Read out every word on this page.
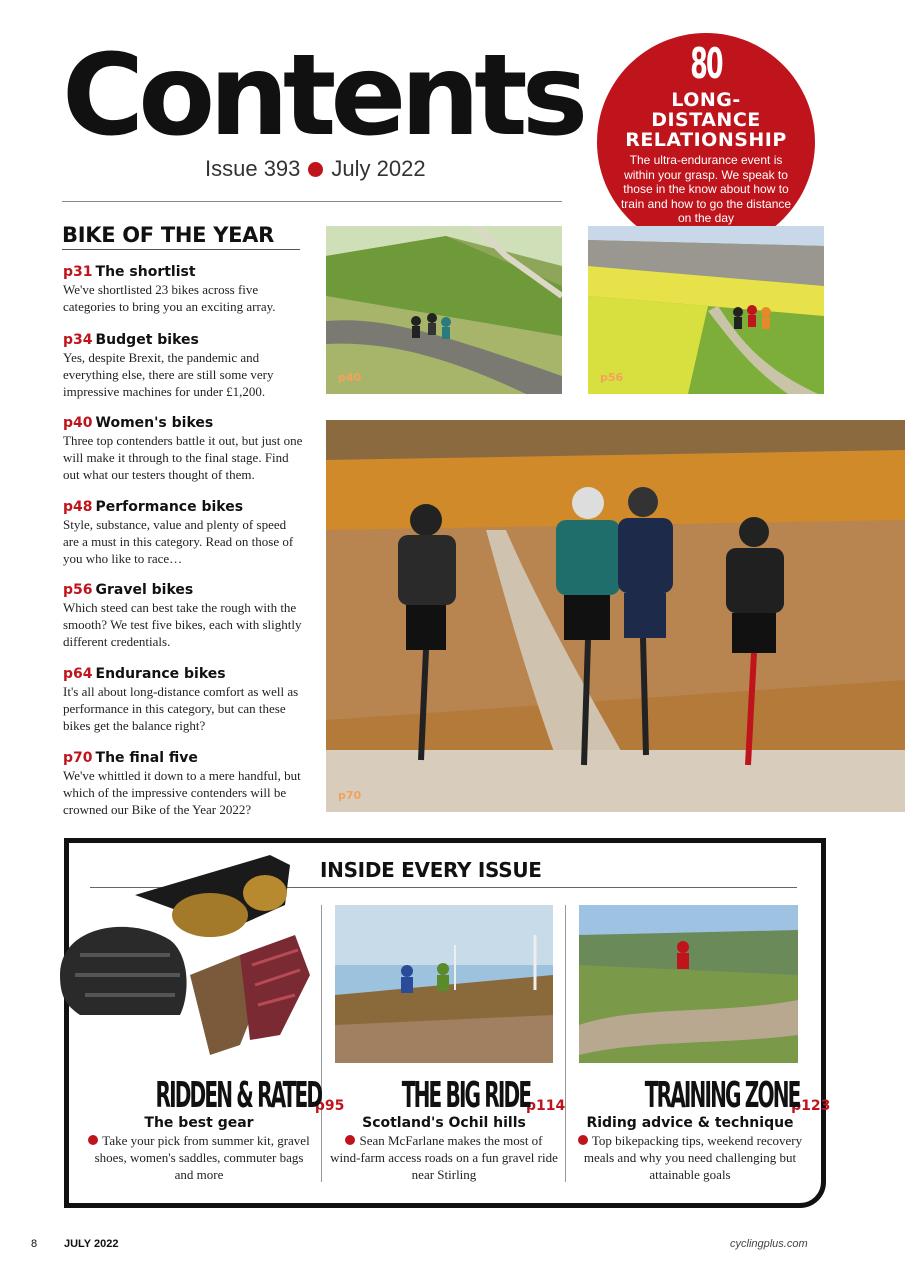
Contents
Issue 393 July 2022
80
LONG-
DISTANCE
RELATIONSHIP
The ultra-endurance event is within your grasp. We speak to those in the know about how to train and how to go the distance on the day
BIKE OF THE YEAR
p31 The shortlist
We've shortlisted 23 bikes across five categories to bring you an exciting array.
p34 Budget bikes
Yes, despite Brexit, the pandemic and everything else, there are still some very impressive machines for under £1,200.
p40 Women's bikes
Three top contenders battle it out, but just one will make it through to the final stage. Find out what our testers thought of them.
p48 Performance bikes
Style, substance, value and plenty of speed are a must in this category. Read on those of you who like to race…
p56 Gravel bikes
Which steed can best take the rough with the smooth? We test five bikes, each with slightly different credentials.
p64 Endurance bikes
It's all about long-distance comfort as well as performance in this category, but can these bikes get the balance right?
p70 The final five
We've whittled it down to a mere handful, but which of the impressive contenders will be crowned our Bike of the Year 2022?
p40	p56
p70
INSIDE EVERY ISSUE
RIDDEN & RATED
p95
The best gear
Take your pick from summer kit, gravel shoes, women's saddles, commuter bags and more
THE BIG RIDE
p114
Scotland's Ochil hills
Sean McFarlane makes the most of wind-farm access roads on a fun gravel ride near Stirling
TRAINING ZONE
p123
Riding advice & technique
Top bikepacking tips, weekend recovery meals and why you need challenging but attainable goals
8 JULY 2022	cyclingplus.com
